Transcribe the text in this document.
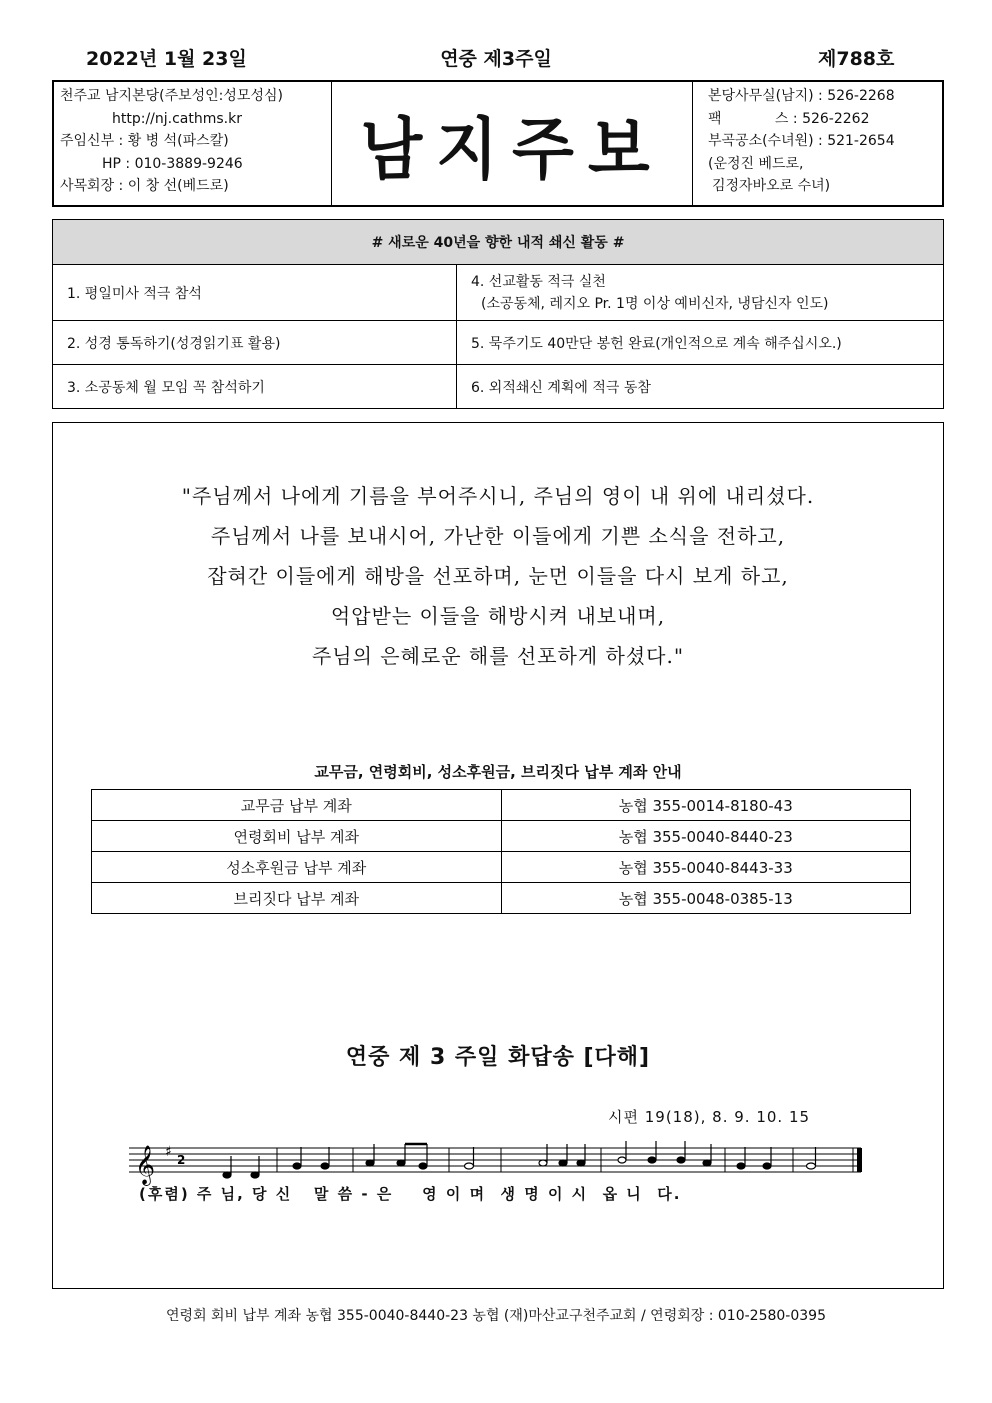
2022년 1월 23일	연중 제3주일	제788호
천주교 남지본당(주보성인:성모성심)
http://nj.cathms.kr
주임신부 : 황 병 석(파스칼)
HP : 010-3889-9246
사목회장 : 이 창 선(베드로)	남지주보
본당사무실(남지) : 526-2268
팩            스 : 526-2262
부곡공소(수녀원) : 521-2654
(운정진 베드로,
김정자바오로 수녀)
# 새로운 40년을 향한 내적 쇄신 활동 #	
1. 평일미사 적극 참석	4. 선교활동 적극 실천
(소공동체, 레지오 Pr. 1명 이상 예비신자, 냉담신자 인도)

2. 성경 통독하기(성경읽기표 활용)	5. 묵주기도 40만단 봉헌 완료(개인적으로 계속 해주십시오.)
3. 소공동체 월 모임 꼭 참석하기	6. 외적쇄신 계획에 적극 동참
"주님께서 나에게 기름을 부어주시니, 주님의 영이 내 위에 내리셨다.
주님께서 나를 보내시어, 가난한 이들에게 기쁜 소식을 전하고,
잡혀간 이들에게 해방을 선포하며, 눈먼 이들을 다시 보게 하고,
억압받는 이들을 해방시켜 내보내며,
주님의 은혜로운 해를 선포하게 하셨다."
교무금, 연령회비, 성소후원금, 브리짓다 납부 계좌 안내
교무금 납부 계좌	농협 355-0014-8180-43
연령회비 납부 계좌	농협 355-0040-8440-23
성소후원금 납부 계좌	농협 355-0040-8443-33
브리짓다 납부 계좌	농협 355-0048-0385-13
연중 제 3 주일 화답송 [다해]
시편 19(18), 8. 9. 10. 15
𝄞 ♯ 2
(후렴) 주 님, 당 신   말 씀 - 은    영 이 며  생 명 이 시  옵 니  다.
연령회 회비 납부 계좌 농협 355-0040-8440-23 농협 (재)마산교구천주교회 / 연령회장 : 010-2580-0395
